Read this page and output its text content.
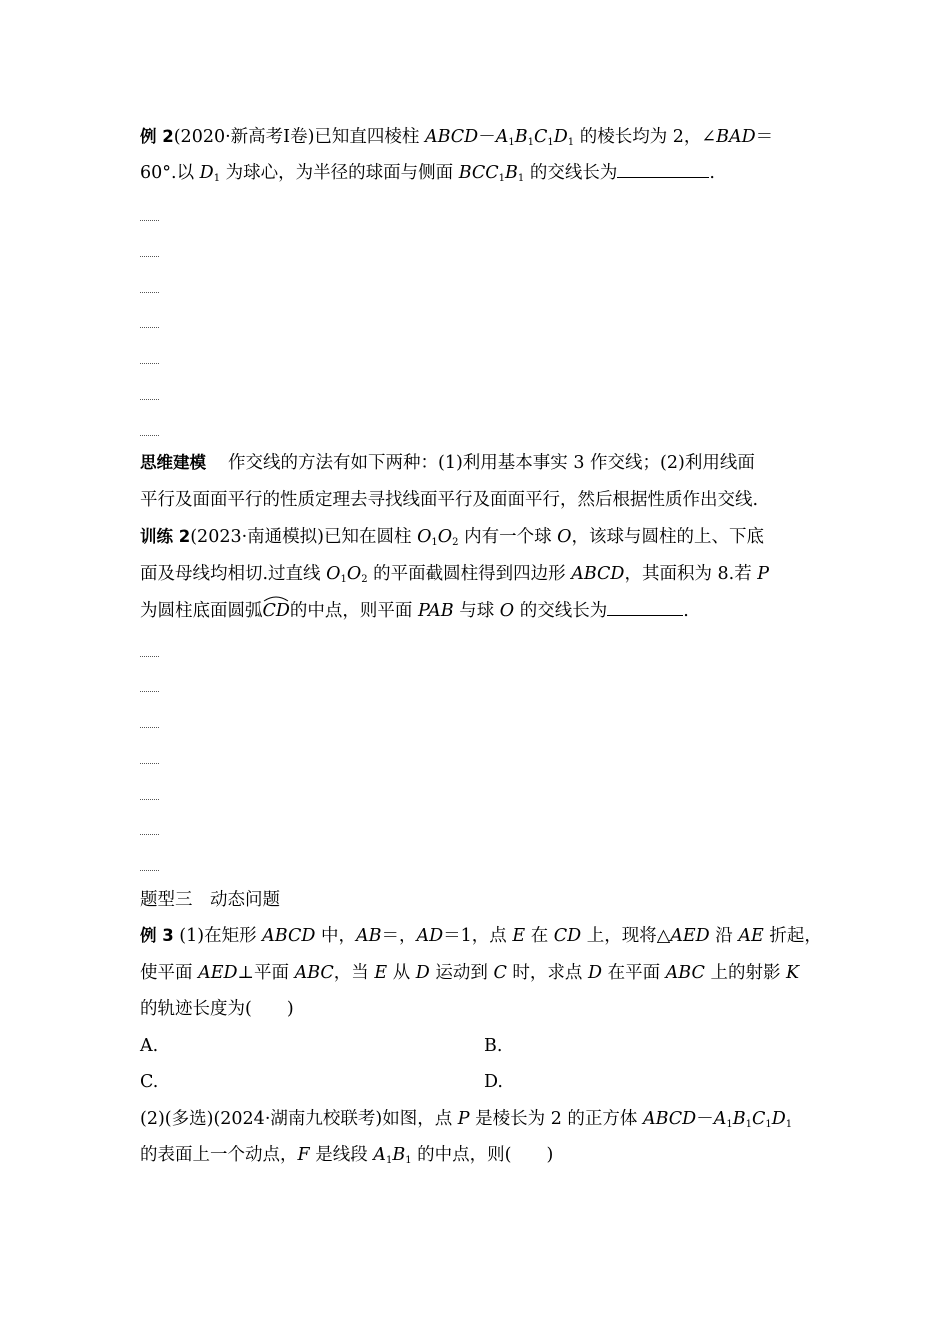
例 2(2020·新高考Ⅰ卷)已知直四棱柱 $ABCD-A_1B_1C_1D_1$ 的棱长均为 2，∠BAD＝
60°.以 $D_1$ 为球心，为半径的球面与侧面 $BCC_1B_1$ 的交线长为	.
思维建模 作交线的方法有如下两种：(1)利用基本事实 3 作交线；(2)利用线面
平行及面面平行的性质定理去寻找线面平行及面面平行，然后根据性质作出交线.
训练 2(2023·南通模拟)已知在圆柱 $O_1O_2$ 内有一个球 O，该球与圆柱的上、下底
面及母线均相切.过直线 $O_1O_2$ 的平面截圆柱得到四边形 ABCD，其面积为 8.若 P
为圆柱底面圆弧
CD的中点，则平面 PAB 与球 O 的交线长为	.
题型三　动态问题
例 3 (1)在矩形 ABCD 中，AB＝，AD＝1，点 E 在 CD 上，现将△AED 沿 AE 折起，
使平面 AED⊥平面 ABC，当 E 从 D 运动到 C 时，求点 D 在平面 ABC 上的射影 K
的轨迹长度为(　　)
A.	B.
C.	D.
(2)(多选)(2024·湖南九校联考)如图，点 P 是棱长为 2 的正方体 $ABCD-A_1B_1C_1D_1$
的表面上一个动点，F 是线段 $A_1B_1$ 的中点，则(　　)
